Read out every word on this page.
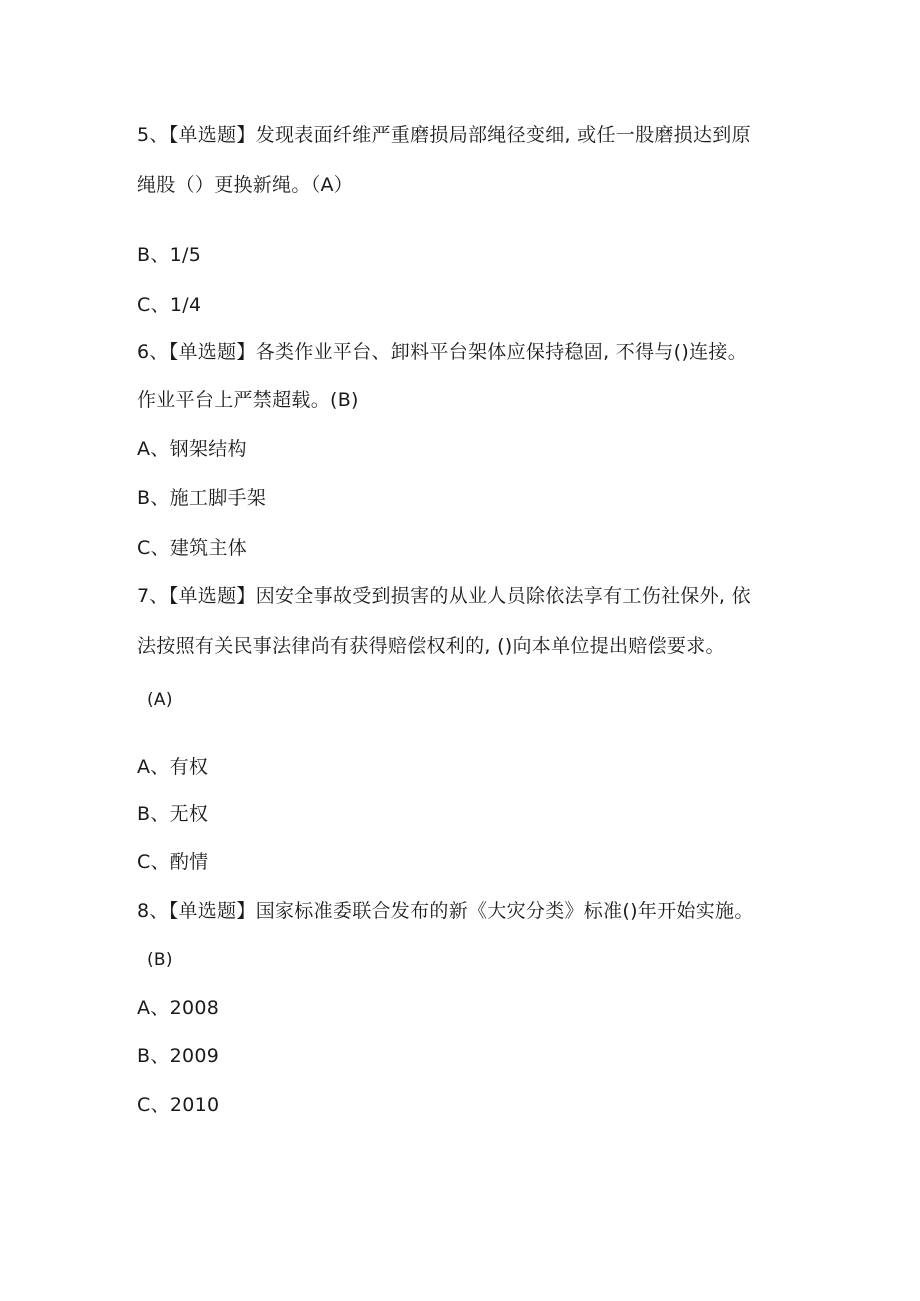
5、【单选题】发现表面纤维严重磨损局部绳径变细, 或任一股磨损达到原
绳股（）更换新绳。（A）
B、1/5
C、1/4
6、【单选题】各类作业平台、卸料平台架体应保持稳固, 不得与()连接。
作业平台上严禁超载。(B)
A、钢架结构
B、施工脚手架
C、建筑主体
7、【单选题】因安全事故受到损害的从业人员除依法享有工伤社保外, 依
法按照有关民事法律尚有获得赔偿权利的, ()向本单位提出赔偿要求。
(A)
A、有权
B、无权
C、酌情
8、【单选题】国家标准委联合发布的新《大灾分类》标准()年开始实施。
(B)
A、2008
B、2009
C、2010
